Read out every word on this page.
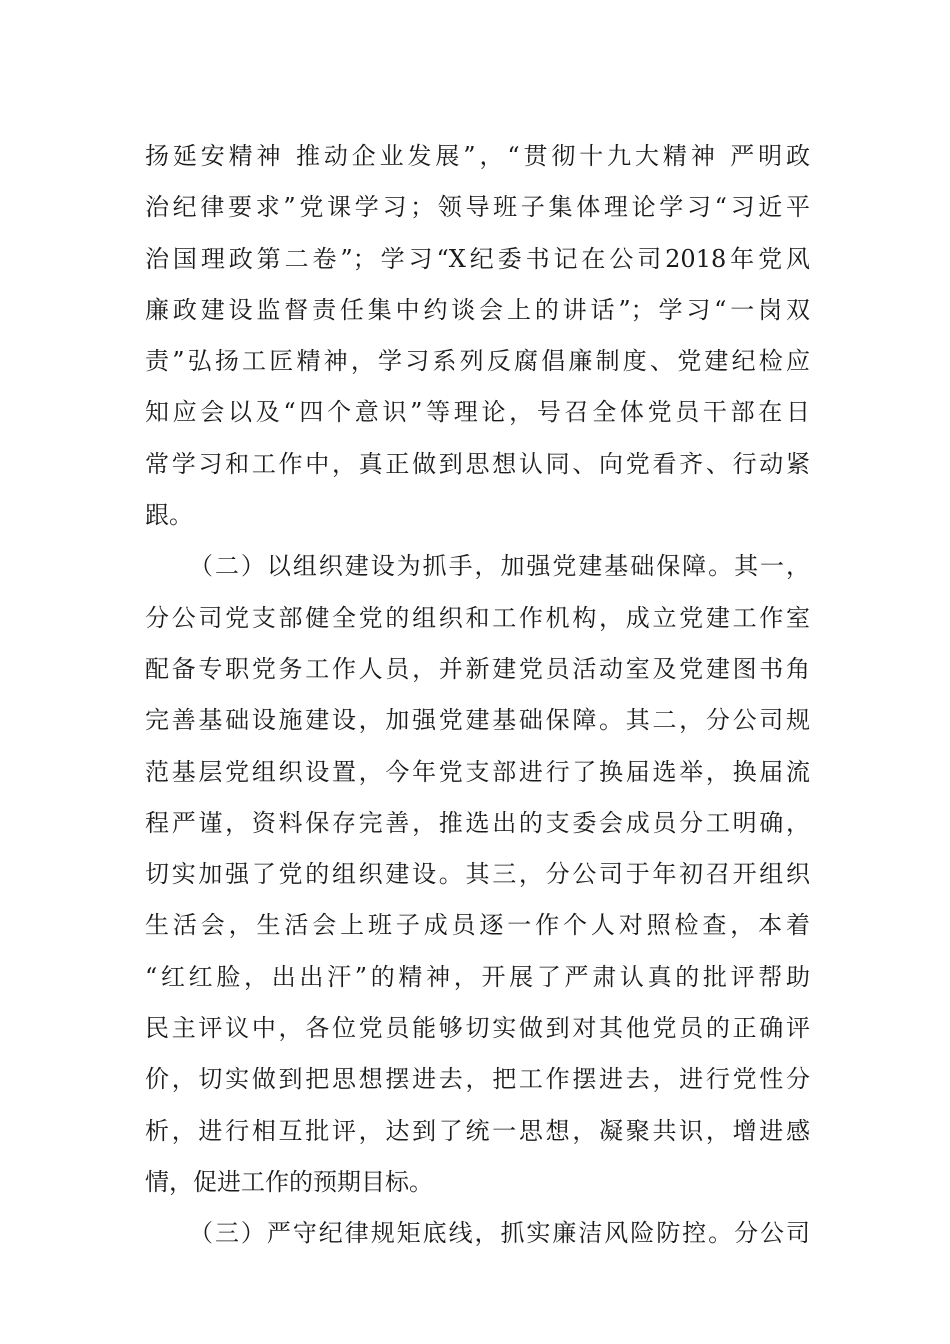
扬延安精神 推动企业发展”，“贯彻十九大精神 严明政
治纪律要求”党课学习；领导班子集体理论学习“习近平
治国理政第二卷”；学习“X纪委书记在公司2018年党风
廉政建设监督责任集中约谈会上的讲话”；学习“一岗双
责”弘扬工匠精神，学习系列反腐倡廉制度、党建纪检应
知应会以及“四个意识”等理论，号召全体党员干部在日
常学习和工作中，真正做到思想认同、向党看齐、行动紧
跟。
（二）以组织建设为抓手，加强党建基础保障。其一，
分公司党支部健全党的组织和工作机构，成立党建工作室
配备专职党务工作人员，并新建党员活动室及党建图书角
完善基础设施建设，加强党建基础保障。其二，分公司规
范基层党组织设置，今年党支部进行了换届选举，换届流
程严谨，资料保存完善，推选出的支委会成员分工明确，
切实加强了党的组织建设。其三，分公司于年初召开组织
生活会，生活会上班子成员逐一作个人对照检查，本着
“红红脸，出出汗”的精神，开展了严肃认真的批评帮助
民主评议中，各位党员能够切实做到对其他党员的正确评
价，切实做到把思想摆进去，把工作摆进去，进行党性分
析，进行相互批评，达到了统一思想，凝聚共识，增进感
情，促进工作的预期目标。
（三）严守纪律规矩底线，抓实廉洁风险防控。分公司
